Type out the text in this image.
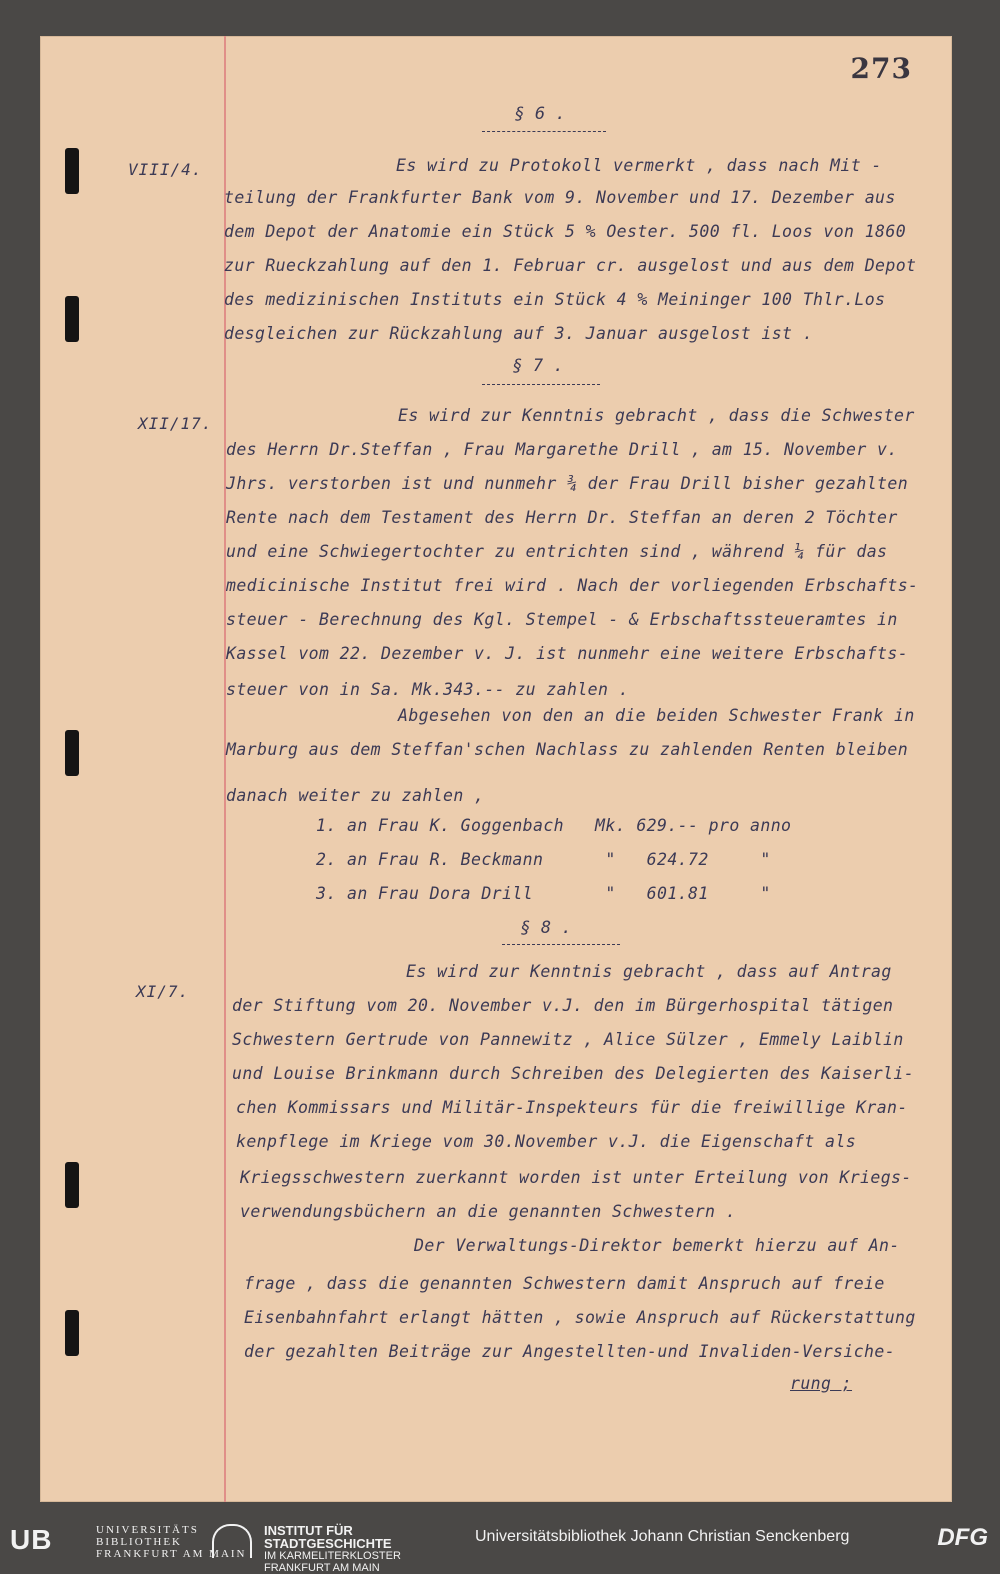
273
§ 6 .
§ 7 .
§ 8 .
VIII/4.
XII/17.
XI/7.
Es wird zu Protokoll vermerkt , dass nach Mit -
teilung der Frankfurter Bank vom 9. November und 17. Dezember aus
dem Depot der Anatomie ein Stück 5 % Oester. 500 fl. Loos von 1860
zur Rueckzahlung auf den 1. Februar cr. ausgelost und aus dem Depot
des medizinischen Instituts ein Stück 4 % Meininger 100 Thlr.Los
desgleichen zur Rückzahlung auf 3. Januar ausgelost ist .
Es wird zur Kenntnis gebracht , dass die Schwester
des Herrn Dr.Steffan , Frau Margarethe Drill , am 15. November v.
Jhrs. verstorben ist und nunmehr ¾ der Frau Drill bisher gezahlten
Rente nach dem Testament des Herrn Dr. Steffan an deren 2 Töchter
und eine Schwiegertochter zu entrichten sind , während ¼ für das
medicinische Institut frei wird . Nach der vorliegenden Erbschafts-
steuer - Berechnung des Kgl. Stempel - & Erbschaftssteueramtes in
Kassel vom 22. Dezember v. J. ist nunmehr eine weitere Erbschafts-
steuer von in Sa. Mk.343.-- zu zahlen .
Abgesehen von den an die beiden Schwester Frank in
Marburg aus dem Steffan'schen Nachlass zu zahlenden Renten bleiben
danach weiter zu zahlen ,
1. an Frau K. Goggenbach   Mk. 629.-- pro anno
2. an Frau R. Beckmann      "   624.72     "
3. an Frau Dora Drill       "   601.81     "
Es wird zur Kenntnis gebracht , dass auf Antrag
der Stiftung vom 20. November v.J. den im Bürgerhospital tätigen
Schwestern Gertrude von Pannewitz , Alice Sülzer , Emmely Laiblin
und Louise Brinkmann durch Schreiben des Delegierten des Kaiserli-
chen Kommissars und Militär-Inspekteurs für die freiwillige Kran-
kenpflege im Kriege vom 30.November v.J. die Eigenschaft als
Kriegsschwestern zuerkannt worden ist unter Erteilung von Kriegs-
verwendungsbüchern an die genannten Schwestern .
Der Verwaltungs-Direktor bemerkt hierzu auf An-
frage , dass die genannten Schwestern damit Anspruch auf freie
Eisenbahnfahrt erlangt hätten , sowie Anspruch auf Rückerstattung
der gezahlten Beiträge zur Angestellten-und Invaliden-Versiche-
rung ;
UB	UNIVERSITÄTS
BIBLIOTHEK
FRANKFURT AM MAIN
INSTITUT FÜR
STADTGESCHICHTE
IM KARMELITERKLOSTER
FRANKFURT AM MAIN
Universitätsbibliothek Johann Christian Senckenberg	DFG
